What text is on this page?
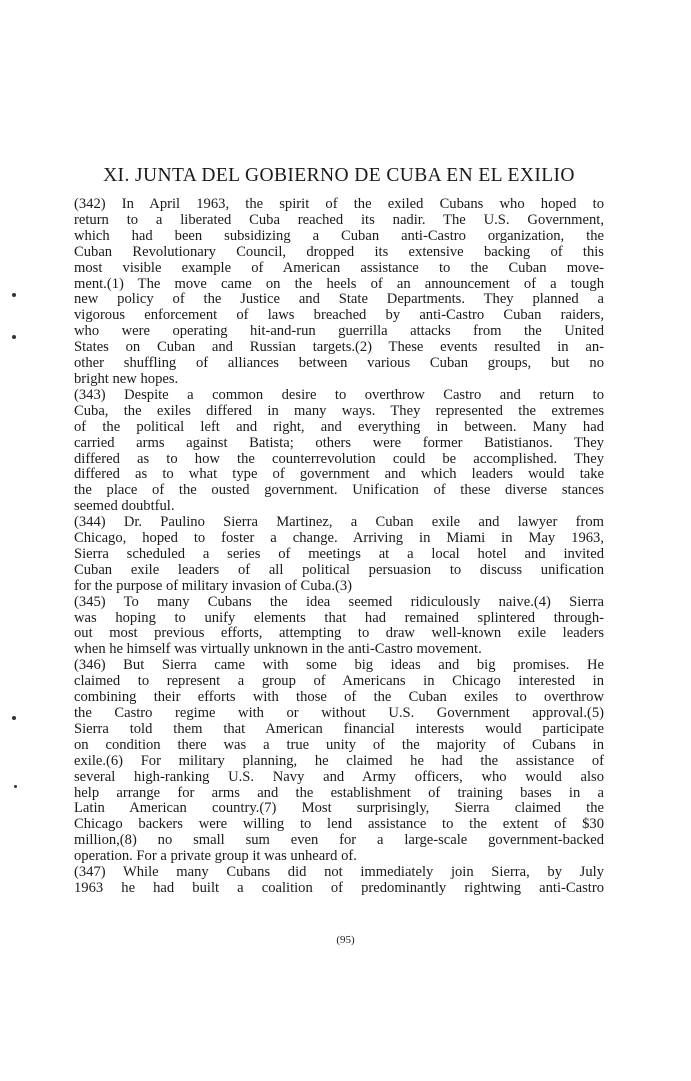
XI. JUNTA DEL GOBIERNO DE CUBA EN EL EXILIO

(342) In April 1963, the spirit of the exiled Cubans who hoped to
return to a liberated Cuba reached its nadir. The U.S. Government,
which had been subsidizing a Cuban anti-Castro organization, the
Cuban Revolutionary Council, dropped its extensive backing of this
most visible example of American assistance to the Cuban move-
ment.(1) The move came on the heels of an announcement of a tough
new policy of the Justice and State Departments. They planned a
vigorous enforcement of laws breached by anti-Castro Cuban raiders,
who were operating hit-and-run guerrilla attacks from the United
States on Cuban and Russian targets.(2) These events resulted in an-
other shuffling of alliances between various Cuban groups, but no
bright new hopes.

(343) Despite a common desire to overthrow Castro and return to
Cuba, the exiles differed in many ways. They represented the extremes
of the political left and right, and everything in between. Many had
carried arms against Batista; others were former Batistianos. They
differed as to how the counterrevolution could be accomplished. They
differed as to what type of government and which leaders would take
the place of the ousted government. Unification of these diverse stances
seemed doubtful.

(344) Dr. Paulino Sierra Martinez, a Cuban exile and lawyer from
Chicago, hoped to foster a change. Arriving in Miami in May 1963,
Sierra scheduled a series of meetings at a local hotel and invited
Cuban exile leaders of all political persuasion to discuss unification
for the purpose of military invasion of Cuba.(3)

(345) To many Cubans the idea seemed ridiculously naive.(4) Sierra
was hoping to unify elements that had remained splintered through-
out most previous efforts, attempting to draw well-known exile leaders
when he himself was virtually unknown in the anti-Castro movement.

(346) But Sierra came with some big ideas and big promises. He
claimed to represent a group of Americans in Chicago interested in
combining their efforts with those of the Cuban exiles to overthrow
the Castro regime with or without U.S. Government approval.(5)
Sierra told them that American financial interests would participate
on condition there was a true unity of the majority of Cubans in
exile.(6) For military planning, he claimed he had the assistance of
several high-ranking U.S. Navy and Army officers, who would also
help arrange for arms and the establishment of training bases in a
Latin American country.(7) Most surprisingly, Sierra claimed the
Chicago backers were willing to lend assistance to the extent of $30
million,(8) no small sum even for a large-scale government-backed
operation. For a private group it was unheard of.

(347) While many Cubans did not immediately join Sierra, by July
1963 he had built a coalition of predominantly rightwing anti-Castro

(95)
